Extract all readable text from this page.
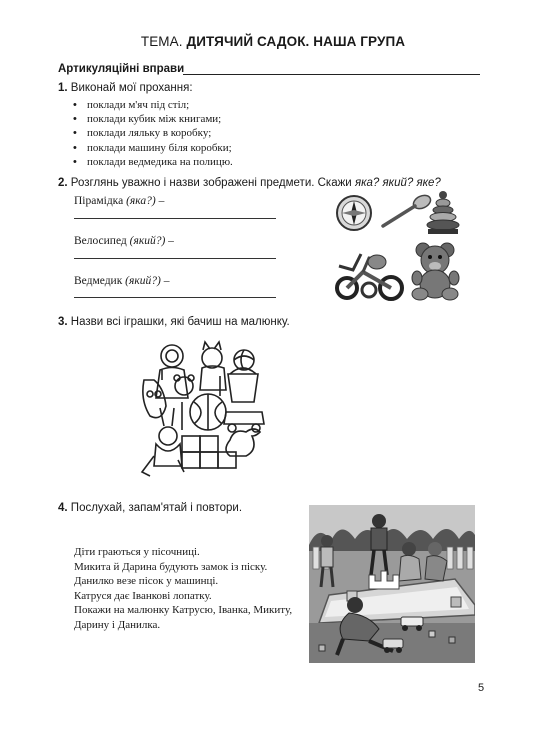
ТЕМА. ДИТЯЧИЙ САДОК. НАША ГРУПА
Артикуляційні вправи
1. Виконай мої прохання:
• поклади м'яч під стіл;
• поклади кубик між книгами;
• поклади ляльку в коробку;
• поклади машину біля коробки;
• поклади ведмедика на полицю.
2. Розглянь уважно і назви зображені предмети. Скажи яка? який? яке?
Пірамідка (яка?) –
Велосипед (який?) –
Ведмедик (який?) –
3. Назви всі іграшки, які бачиш на малюнку.
4. Послухай, запам'ятай і повтори.
Діти граються у пісочниці.
Микита й Дарина будують замок із піску.
Данилко везе пісок у машинці.
Катруся дає Іванкові лопатку.
Покажи на малюнку Катрусю, Іванка, Микиту,
Дарину і Данилка.
5
